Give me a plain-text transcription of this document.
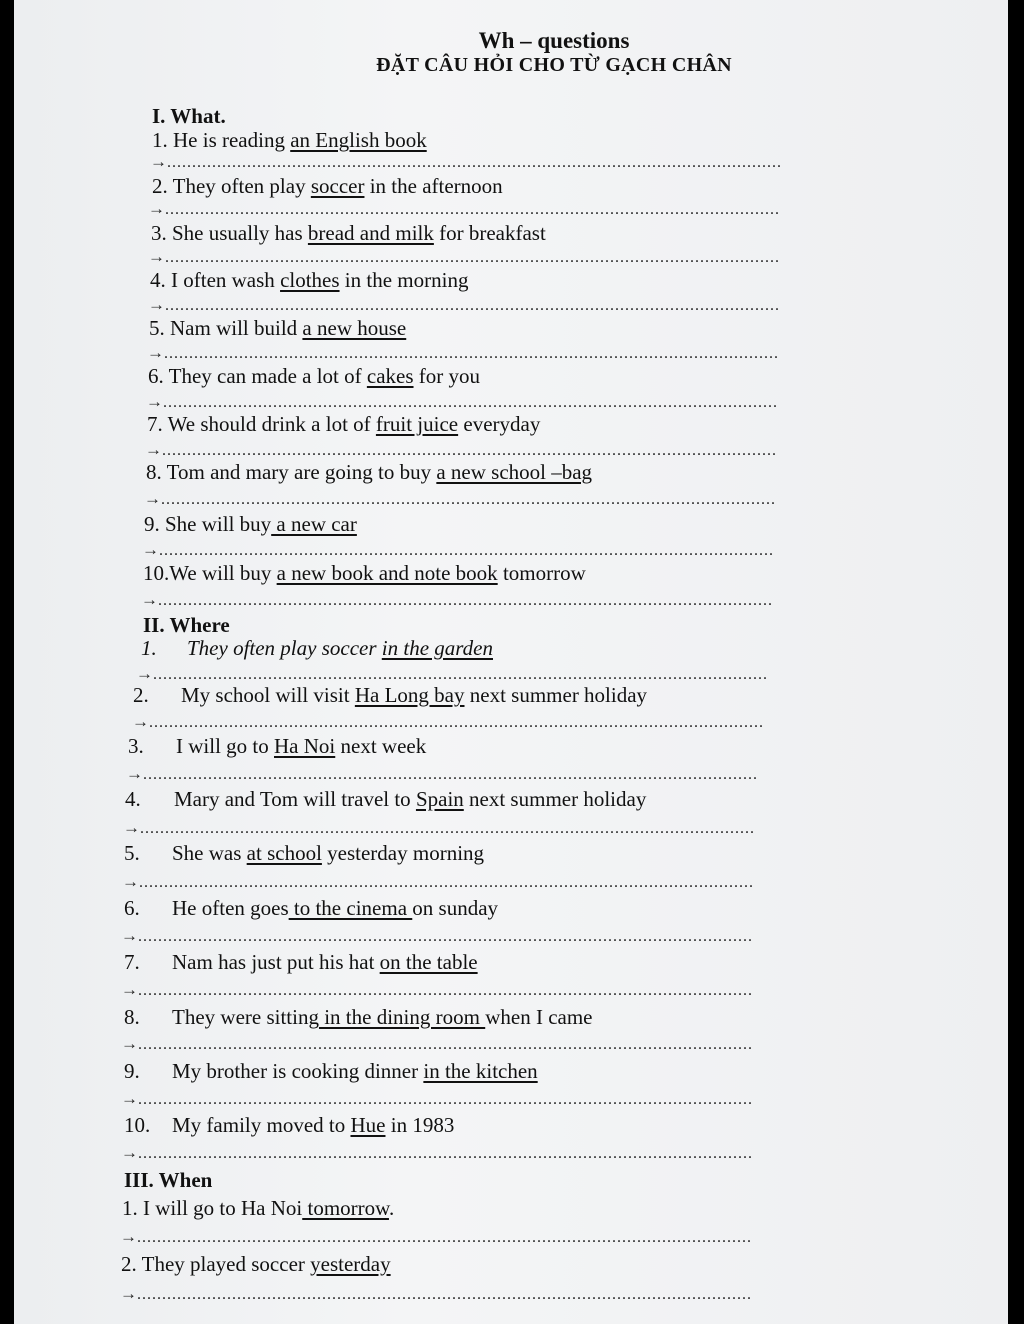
Wh – questions
ĐẶT CÂU HỎI CHO TỪ GẠCH CHÂN
I. What.
1. He is reading an English book
→...........................................................................................................................
2. They often play soccer in the afternoon
→...........................................................................................................................
3. She usually has bread and milk for breakfast
→...........................................................................................................................
4. I often wash clothes in the morning
→...........................................................................................................................
5. Nam will build a new house
→...........................................................................................................................
6. They can made a lot of cakes for you
→...........................................................................................................................
7. We should drink a lot of fruit juice everyday
→...........................................................................................................................
8. Tom and mary are going to buy a new school –bag
→...........................................................................................................................
9. She will buy a new car
→...........................................................................................................................
10.We will buy a new book and note book tomorrow
→...........................................................................................................................
II. Where
1. They often play soccer in the garden
→...........................................................................................................................
2. My school will visit Ha Long bay next summer holiday
→...........................................................................................................................
3. I will go to Ha Noi next week
→...........................................................................................................................
4. Mary and Tom will travel to Spain next summer holiday
→...........................................................................................................................
5. She was at school yesterday morning
→...........................................................................................................................
6. He often goes to the cinema on sunday
→...........................................................................................................................
7. Nam has just put his hat on the table
→...........................................................................................................................
8. They were sitting in the dining room when I came
→...........................................................................................................................
9. My brother is cooking dinner in the kitchen
→...........................................................................................................................
10. My family moved to Hue in 1983
→...........................................................................................................................
III. When
1. I will go to Ha Noi tomorrow.
→...........................................................................................................................
2. They played soccer yesterday
→...........................................................................................................................
